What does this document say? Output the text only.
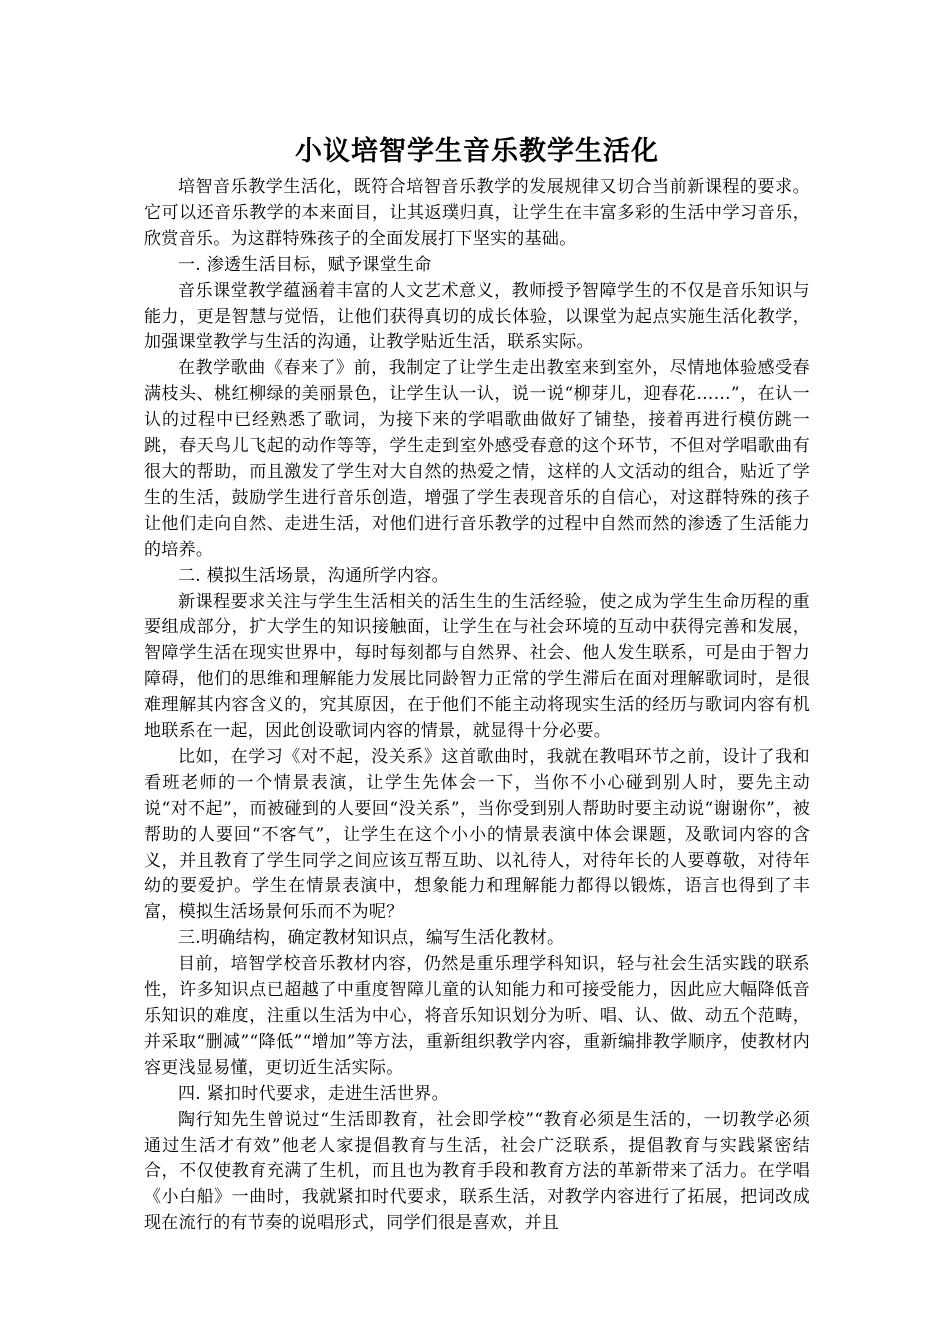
小议培智学生音乐教学生活化

培智音乐教学生活化，既符合培智音乐教学的发展规律又切合当前新课程的要求。它可以还音乐教学的本来面目，让其返璞归真，让学生在丰富多彩的生活中学习音乐，欣赏音乐。为这群特殊孩子的全面发展打下坚实的基础。

一. 渗透生活目标，赋予课堂生命

音乐课堂教学蕴涵着丰富的人文艺术意义，教师授予智障学生的不仅是音乐知识与能力，更是智慧与觉悟，让他们获得真切的成长体验，以课堂为起点实施生活化教学，加强课堂教学与生活的沟通，让教学贴近生活，联系实际。

在教学歌曲《春来了》前，我制定了让学生走出教室来到室外，尽情地体验感受春满枝头、桃红柳绿的美丽景色，让学生认一认，说一说“柳芽儿，迎春花……”，在认一认的过程中已经熟悉了歌词，为接下来的学唱歌曲做好了铺垫，接着再进行模仿跳一跳，春天鸟儿飞起的动作等等，学生走到室外感受春意的这个环节，不但对学唱歌曲有很大的帮助，而且激发了学生对大自然的热爱之情，这样的人文活动的组合，贴近了学生的生活，鼓励学生进行音乐创造，增强了学生表现音乐的自信心，对这群特殊的孩子让他们走向自然、走进生活，对他们进行音乐教学的过程中自然而然的渗透了生活能力的培养。

二. 模拟生活场景，沟通所学内容。

新课程要求关注与学生生活相关的活生生的生活经验，使之成为学生生命历程的重要组成部分，扩大学生的知识接触面，让学生在与社会环境的互动中获得完善和发展，智障学生活在现实世界中，每时每刻都与自然界、社会、他人发生联系，可是由于智力障碍，他们的思维和理解能力发展比同龄智力正常的学生滞后在面对理解歌词时，是很难理解其内容含义的，究其原因，在于他们不能主动将现实生活的经历与歌词内容有机地联系在一起，因此创设歌词内容的情景，就显得十分必要。

比如，在学习《对不起，没关系》这首歌曲时，我就在教唱环节之前，设计了我和看班老师的一个情景表演，让学生先体会一下，当你不小心碰到别人时，要先主动说“对不起”，而被碰到的人要回“没关系”，当你受到别人帮助时要主动说“谢谢你”，被帮助的人要回“不客气”，让学生在这个小小的情景表演中体会课题，及歌词内容的含义，并且教育了学生同学之间应该互帮互助、以礼待人，对待年长的人要尊敬，对待年幼的要爱护。学生在情景表演中，想象能力和理解能力都得以锻炼，语言也得到了丰富，模拟生活场景何乐而不为呢？

三.明确结构，确定教材知识点，编写生活化教材。

目前，培智学校音乐教材内容，仍然是重乐理学科知识，轻与社会生活实践的联系性，许多知识点已超越了中重度智障儿童的认知能力和可接受能力，因此应大幅降低音乐知识的难度，注重以生活为中心，将音乐知识划分为听、唱、认、做、动五个范畴，并采取“删减”“降低”“增加”等方法，重新组织教学内容，重新编排教学顺序，使教材内容更浅显易懂，更切近生活实际。

四. 紧扣时代要求，走进生活世界。

陶行知先生曾说过“生活即教育，社会即学校”“教育必须是生活的，一切教学必须通过生活才有效”他老人家提倡教育与生活，社会广泛联系，提倡教育与实践紧密结合，不仅使教育充满了生机，而且也为教育手段和教育方法的革新带来了活力。在学唱《小白船》一曲时，我就紧扣时代要求，联系生活，对教学内容进行了拓展，把词改成现在流行的有节奏的说唱形式，同学们很是喜欢，并且
